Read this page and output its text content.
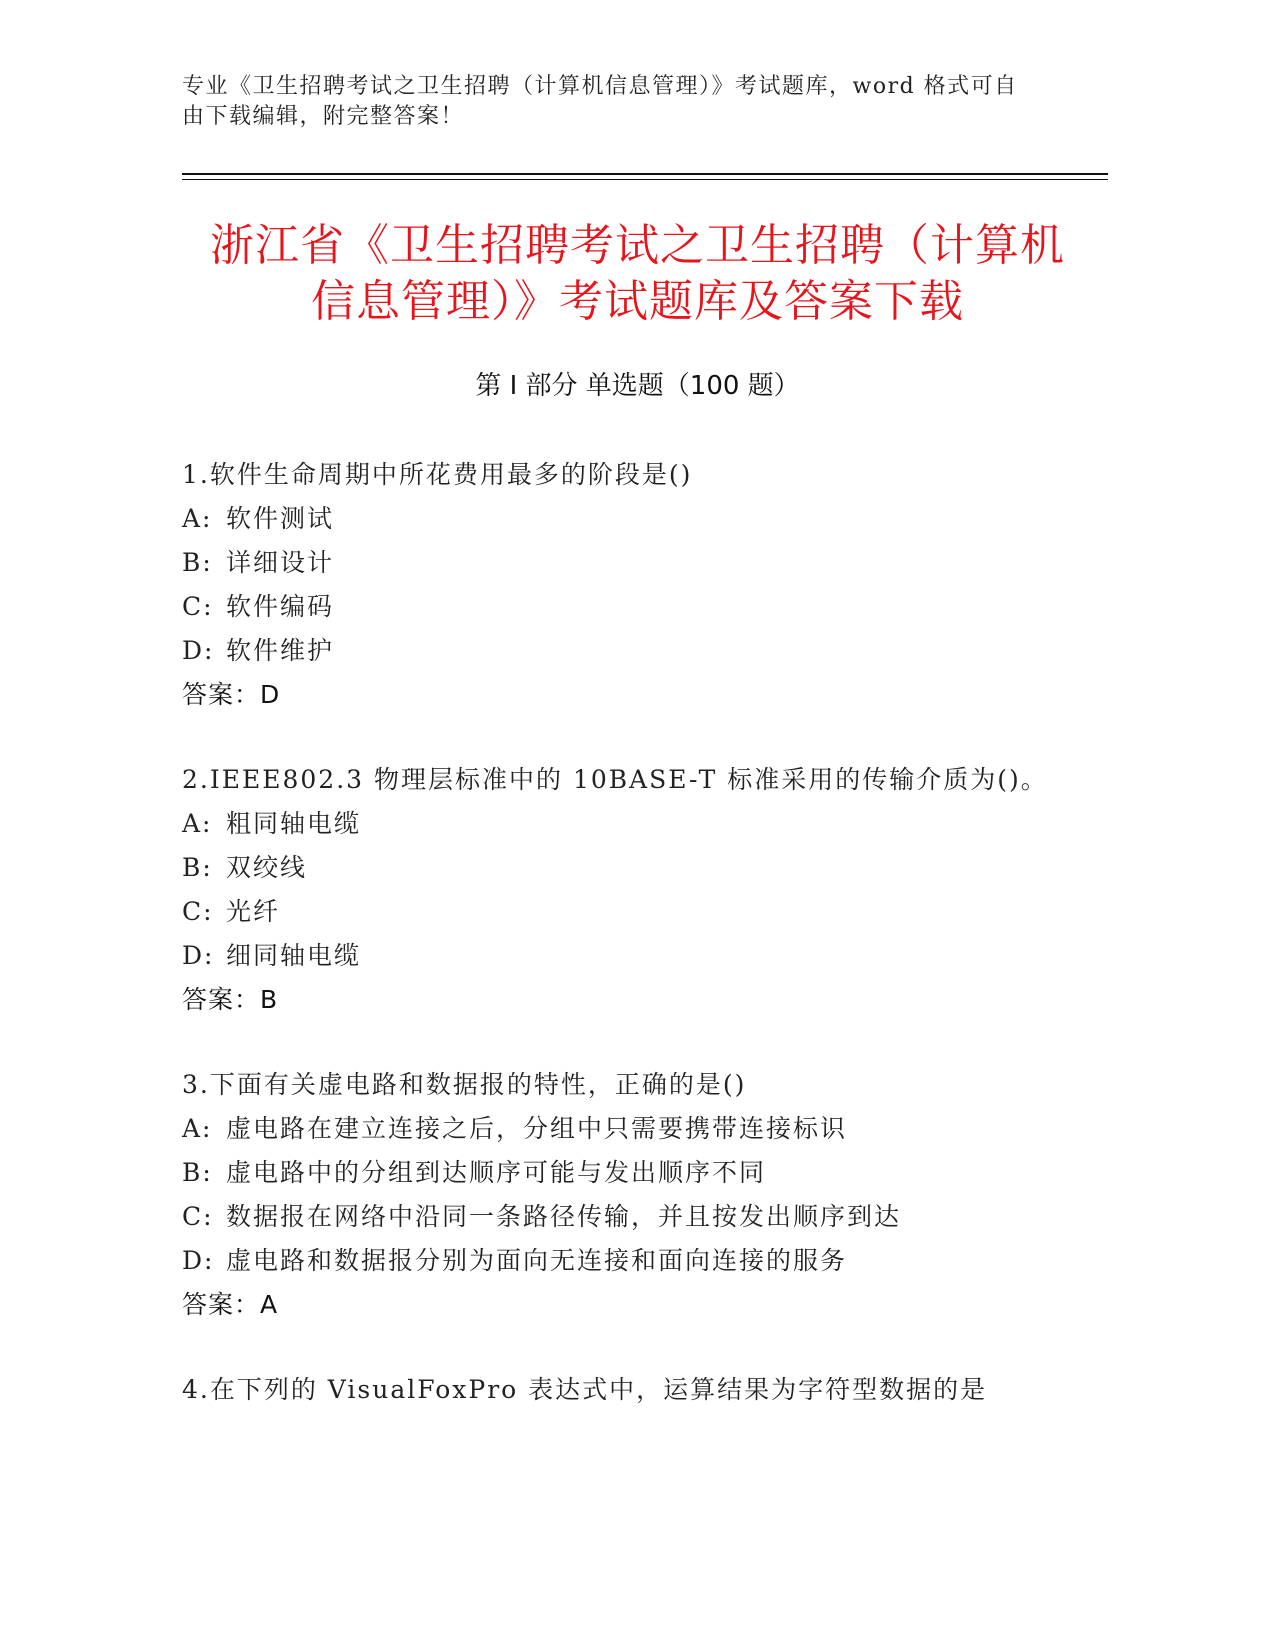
专业《卫生招聘考试之卫生招聘（计算机信息管理）》考试题库，word 格式可自由下载编辑，附完整答案！
浙江省《卫生招聘考试之卫生招聘（计算机
信息管理）》考试题库及答案下载
第 I 部分 单选题（100 题）
1.软件生命周期中所花费用最多的阶段是()
A: 软件测试
B: 详细设计
C: 软件编码
D: 软件维护
答案：D
2.IEEE802.3 物理层标准中的 10BASE-T 标准采用的传输介质为()。
A: 粗同轴电缆
B: 双绞线
C: 光纤
D: 细同轴电缆
答案：B
3.下面有关虚电路和数据报的特性，正确的是()
A: 虚电路在建立连接之后，分组中只需要携带连接标识
B: 虚电路中的分组到达顺序可能与发出顺序不同
C: 数据报在网络中沿同一条路径传输，并且按发出顺序到达
D: 虚电路和数据报分别为面向无连接和面向连接的服务
答案：A
4.在下列的 VisualFoxPro 表达式中，运算结果为字符型数据的是
